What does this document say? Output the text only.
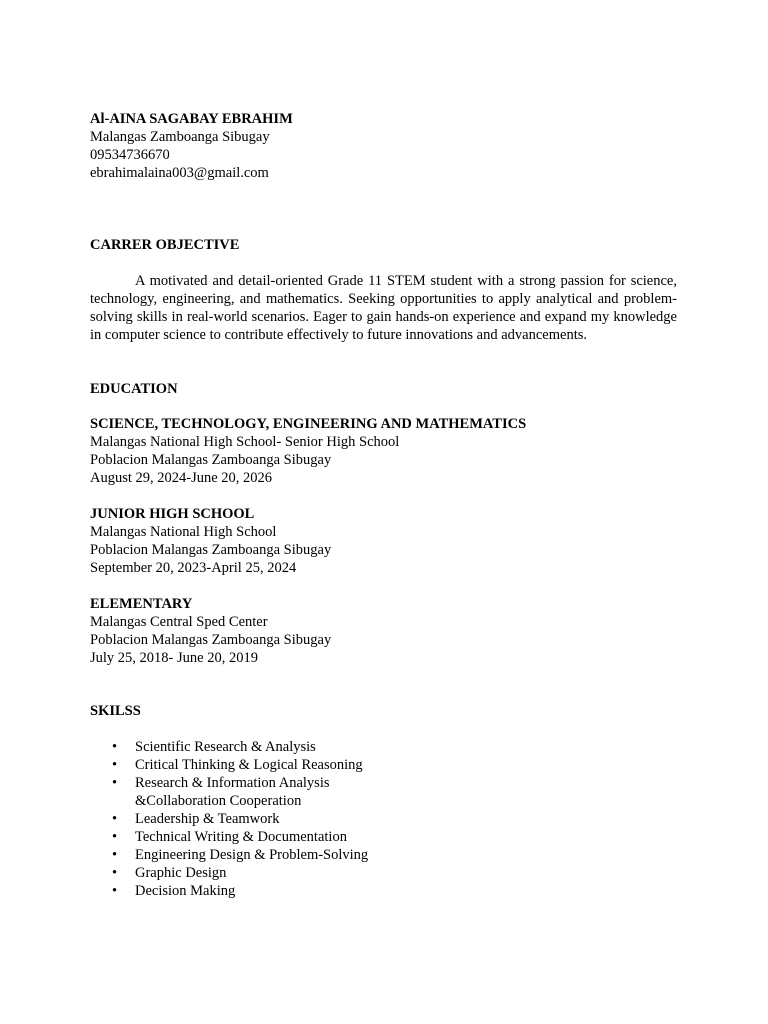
Al-AINA SAGABAY EBRAHIM
Malangas Zamboanga Sibugay
09534736670
ebrahimalaina003@gmail.com
CARRER OBJECTIVE
A motivated and detail-oriented Grade 11 STEM student with a strong passion for science, technology, engineering, and mathematics. Seeking opportunities to apply analytical and problem-solving skills in real-world scenarios. Eager to gain hands-on experience and expand my knowledge in computer science to contribute effectively to future innovations and advancements.
EDUCATION
SCIENCE, TECHNOLOGY, ENGINEERING AND MATHEMATICS
Malangas National High School- Senior High School
Poblacion Malangas Zamboanga Sibugay
August 29, 2024-June 20, 2026
JUNIOR HIGH SCHOOL
Malangas National High School
Poblacion Malangas Zamboanga Sibugay
September 20, 2023-April 25, 2024
ELEMENTARY
Malangas Central Sped Center
Poblacion Malangas Zamboanga Sibugay
July 25, 2018- June 20, 2019
SKILSS
• Scientific Research & Analysis
• Critical Thinking & Logical Reasoning
• Research & Information Analysis &Collaboration Cooperation
• Leadership & Teamwork
• Technical Writing & Documentation
• Engineering Design & Problem-Solving
• Graphic Design
• Decision Making
